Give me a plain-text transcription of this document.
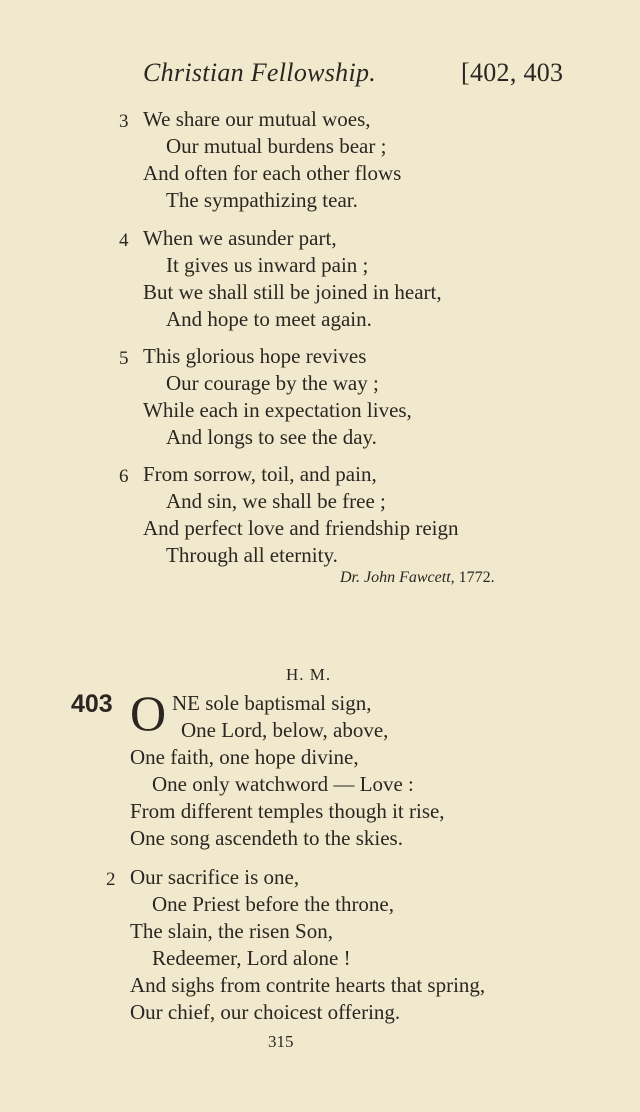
Christian Fellowship.	[402, 403
3 We share our mutual woes,
Our mutual burdens bear ;
And often for each other flows
The sympathizing tear.
4 When we asunder part,
It gives us inward pain ;
But we shall still be joined in heart,
And hope to meet again.
5 This glorious hope revives
Our courage by the way ;
While each in expectation lives,
And longs to see the day.
6 From sorrow, toil, and pain,
And sin, we shall be free ;
And perfect love and friendship reign
Through all eternity.
Dr. John Fawcett, 1772.
H. M.
403 O NE sole baptismal sign,
One Lord, below, above,
One faith, one hope divine,
One only watchword — Love :
From different temples though it rise,
One song ascendeth to the skies.
2 Our sacrifice is one,
One Priest before the throne,
The slain, the risen Son,
Redeemer, Lord alone !
And sighs from contrite hearts that spring,
Our chief, our choicest offering.
315
